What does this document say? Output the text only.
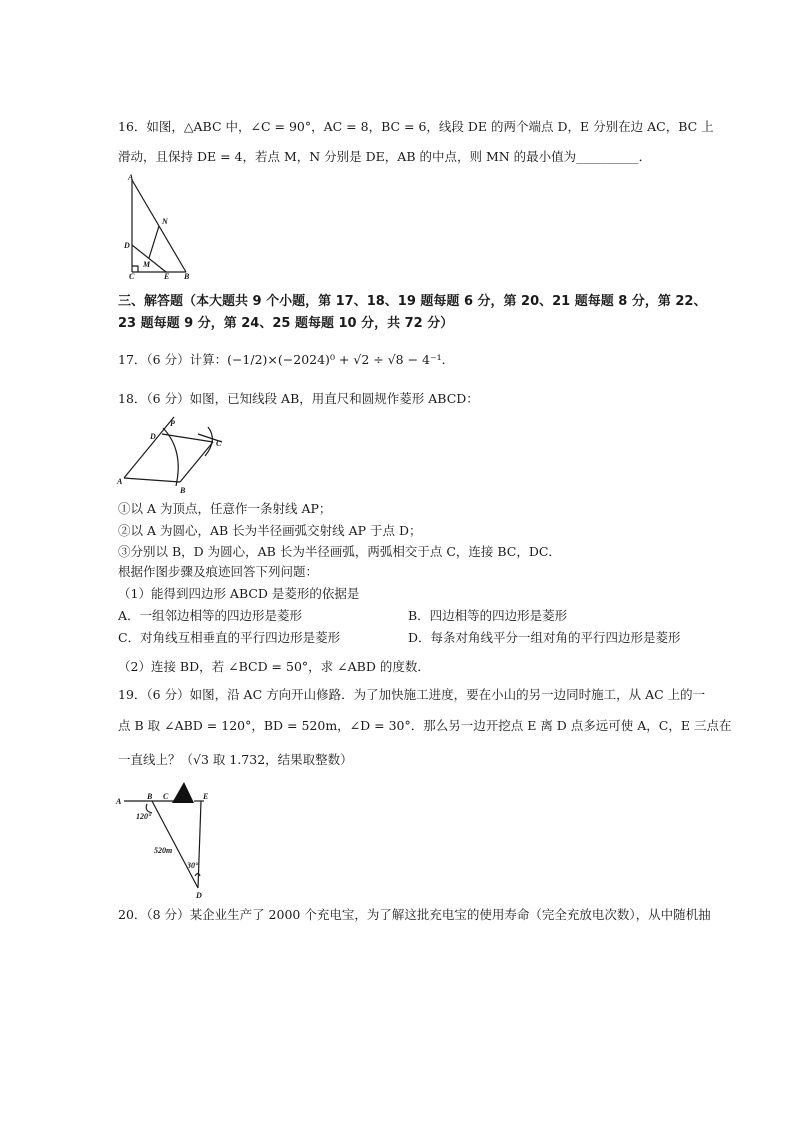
16．如图，△ABC 中，∠C = 90°，AC = 8，BC = 6，线段 DE 的两个端点 D，E 分别在边 AC，BC 上
滑动，且保持 DE = 4，若点 M，N 分别是 DE，AB 的中点，则 MN 的最小值为__________．
A
N
D
M
C	E B
三、解答题（本大题共 9 个小题，第 17、18、19 题每题 6 分，第 20、21 题每题 8 分，第 22、
23 题每题 9 分，第 24、25 题每题 10 分，共 72 分）
17．（6 分）计算：(−1/2)×(−2024)⁰ + √2 ÷ √8 − 4⁻¹．
18．（6 分）如图，已知线段 AB，用直尺和圆规作菱形 ABCD：
P
D
C
A
B
①以 A 为顶点，任意作一条射线 AP；
②以 A 为圆心，AB 长为半径画弧交射线 AP 于点 D；
③分别以 B，D 为圆心，AB 长为半径画弧，两弧相交于点 C，连接 BC，DC．
根据作图步骤及痕迹回答下列问题：
（1）能得到四边形 ABCD 是菱形的依据是
A．一组邻边相等的四边形是菱形	B．四边相等的四边形是菱形
C．对角线互相垂直的平行四边形是菱形	D．每条对角线平分一组对角的平行四边形是菱形
（2）连接 BD，若 ∠BCD = 50°，求 ∠ABD 的度数．
19．（6 分）如图，沿 AC 方向开山修路．为了加快施工进度，要在小山的另一边同时施工，从 AC 上的一
点 B 取 ∠ABD = 120°，BD = 520m，∠D = 30°．那么另一边开挖点 E 离 D 点多远可使 A，C，E 三点在
一直线上？（√3 取 1.732，结果取整数）
A
B C	E
120°
520m
30°
D
20．（8 分）某企业生产了 2000 个充电宝，为了解这批充电宝的使用寿命（完全充放电次数），从中随机抽
